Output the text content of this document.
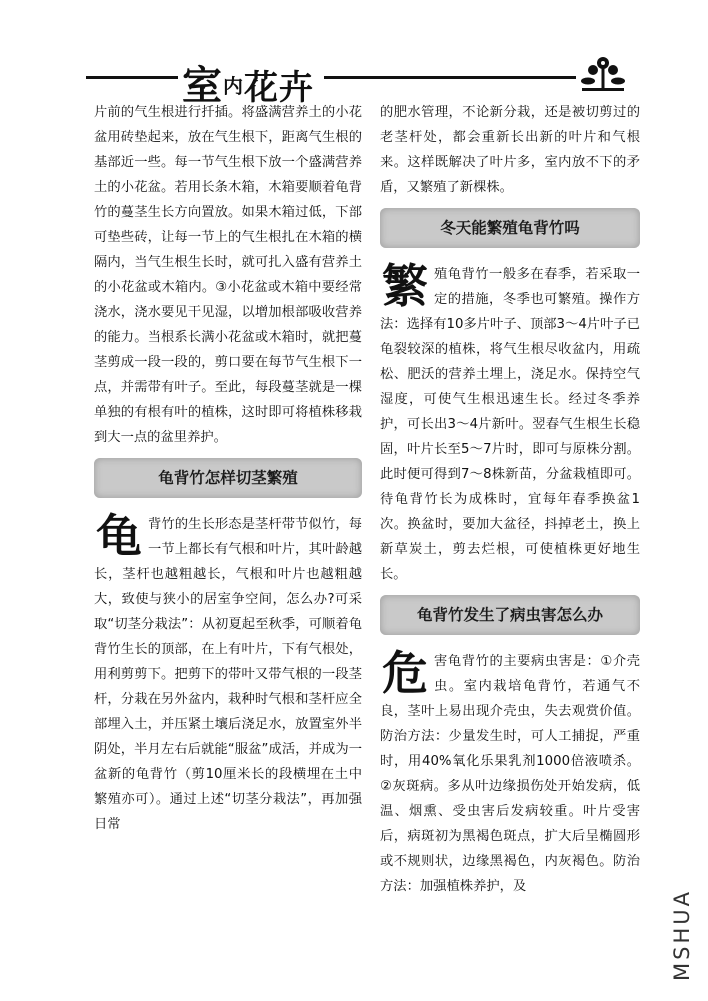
室内花卉

片前的气生根进行扦插。将盛满营养土的小花盆用砖垫起来，放在气生根下，距离气生根的基部近一些。每一节气生根下放一个盛满营养土的小花盆。若用长条木箱，木箱要顺着龟背竹的蔓茎生长方向置放。如果木箱过低，下部可垫些砖，让每一节上的气生根扎在木箱的横隔内，当气生根生长时，就可扎入盛有营养土的小花盆或木箱内。③小花盆或木箱中要经常浇水，浇水要见干见湿，以增加根部吸收营养的能力。当根系长满小花盆或木箱时，就把蔓茎剪成一段一段的，剪口要在每节气生根下一点，并需带有叶子。至此，每段蔓茎就是一棵单独的有根有叶的植株，这时即可将植株移栽到大一点的盆里养护。

龟背竹怎样切茎繁殖

龟背竹的生长形态是茎杆带节似竹，每一节上都长有气根和叶片，其叶龄越长，茎杆也越粗越长，气根和叶片也越粗越大，致使与狭小的居室争空间，怎么办?可采取“切茎分栽法”：从初夏起至秋季，可顺着龟背竹生长的顶部，在上有叶片，下有气根处，用利剪剪下。把剪下的带叶又带气根的一段茎杆，分栽在另外盆内，栽种时气根和茎杆应全部埋入土，并压紧土壤后浇足水，放置室外半阴处，半月左右后就能“服盆”成活，并成为一盆新的龟背竹（剪10厘米长的段横埋在土中繁殖亦可）。通过上述“切茎分栽法”，再加强日常

的肥水管理，不论新分栽，还是被切剪过的老茎杆处，都会重新长出新的叶片和气根来。这样既解决了叶片多，室内放不下的矛盾，又繁殖了新棵株。

冬天能繁殖龟背竹吗

繁殖龟背竹一般多在春季，若采取一定的措施，冬季也可繁殖。操作方法：选择有10多片叶子、顶部3～4片叶子已龟裂较深的植株，将气生根尽收盆内，用疏松、肥沃的营养土埋上，浇足水。保持空气湿度，可使气生根迅速生长。经过冬季养护，可长出3～4片新叶。翌春气生根生长稳固，叶片长至5～7片时，即可与原株分割。此时便可得到7～8株新苗，分盆栽植即可。待龟背竹长为成株时，宜每年春季换盆1次。换盆时，要加大盆径，抖掉老土，换上新草炭土，剪去烂根，可使植株更好地生长。

龟背竹发生了病虫害怎么办

危害龟背竹的主要病虫害是：①介壳虫。室内栽培龟背竹，若通气不良，茎叶上易出现介壳虫，失去观赏价值。防治方法：少量发生时，可人工捕捉，严重时，用40%氧化乐果乳剂1000倍液喷杀。②灰斑病。多从叶边缘损伤处开始发病，低温、烟熏、受虫害后发病较重。叶片受害后，病斑初为黑褐色斑点，扩大后呈椭圆形或不规则状，边缘黑褐色，内灰褐色。防治方法：加强植株养护，及

MSHUA
